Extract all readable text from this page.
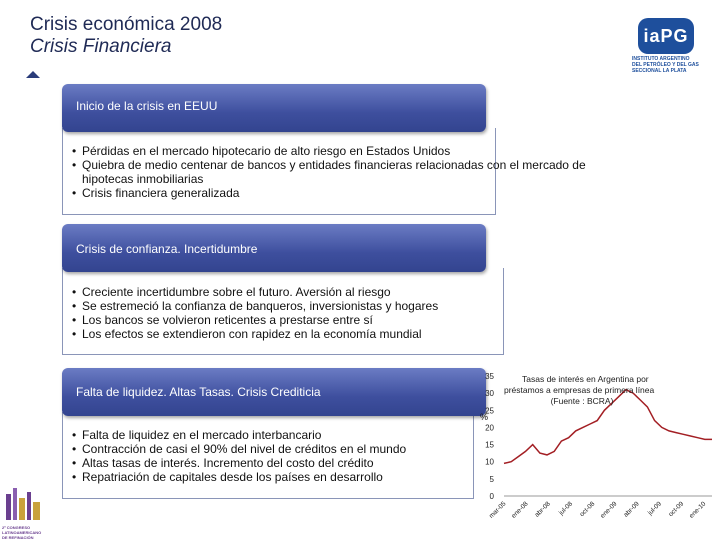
Crisis económica 2008
Crisis Financiera	iaPG
INSTITUTO ARGENTINO
DEL PETRÓLEO Y DEL GAS
SECCIONAL LA PLATA
Inicio de la crisis en EEUU
• Pérdidas en el mercado hipotecario de alto riesgo en Estados Unidos
• Quiebra de medio centenar de bancos y entidades financieras relacionadas con el mercado de hipotecas inmobiliarias
• Crisis financiera generalizada
Crisis de confianza. Incertidumbre
• Creciente incertidumbre sobre el futuro. Aversión al riesgo
• Se estremeció la confianza de banqueros, inversionistas y hogares
• Los bancos se volvieron reticentes a prestarse entre sí
• Los efectos se extendieron con rapidez en la economía mundial
Falta de liquidez. Altas Tasas. Crisis Crediticia
• Falta de liquidez en el mercado interbancario
• Contracción de casi el 90% del nivel de créditos en el mundo
• Altas tasas de interés. Incremento del costo del crédito
• Repatriación de capitales desde los países en desarrollo
0
5
10
15
20
25
30
35
%
mar-05 ene-08 abr-08 jul-08 oct-08 ene-09 abr-09 jul-09 oct-09 ene-10
Tasas de interés en Argentina por
préstamos a empresas de primera línea
(Fuente : BCRA)
2º CONGRESO
LATINOAMERICANO
DE REFINACIÓN
